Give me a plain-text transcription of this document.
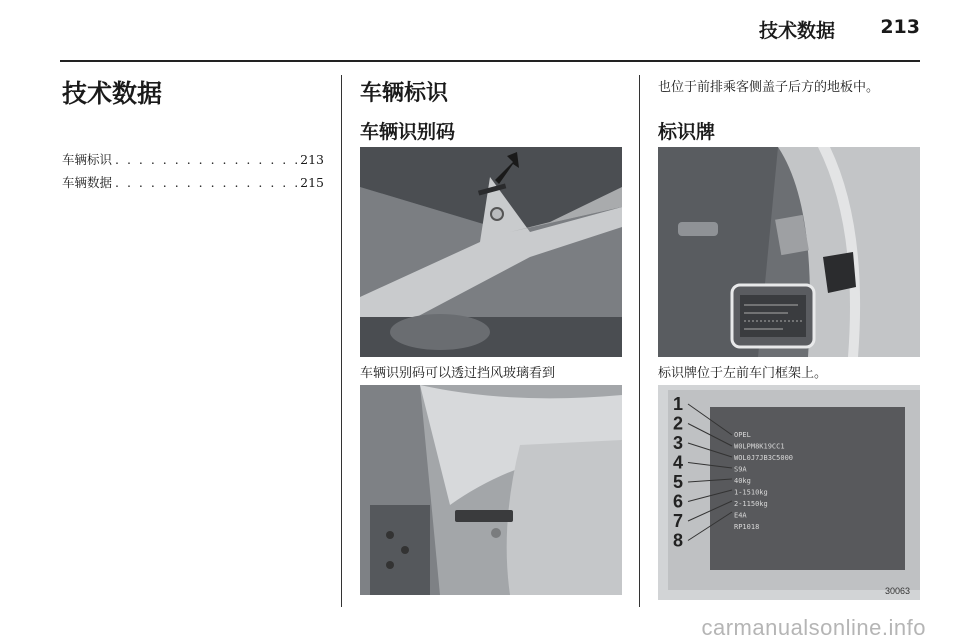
技术数据 213
技术数据
车辆标识 . . .	213
车辆数据 . . .	215
车辆标识
车辆识别码
车辆识别码可以透过挡风玻璃看到
也位于前排乘客侧盖子后方的地板中。
标识牌
标识牌位于左前车门框架上。
OPEL
W0LPM8K19CC1
WOL0J7JB3C5000
S9A
40kg
1-1510kg
2-1150kg
E4A
RP1018
1
2
3
4
5
6
7
8
30063
carmanualsonline.info
